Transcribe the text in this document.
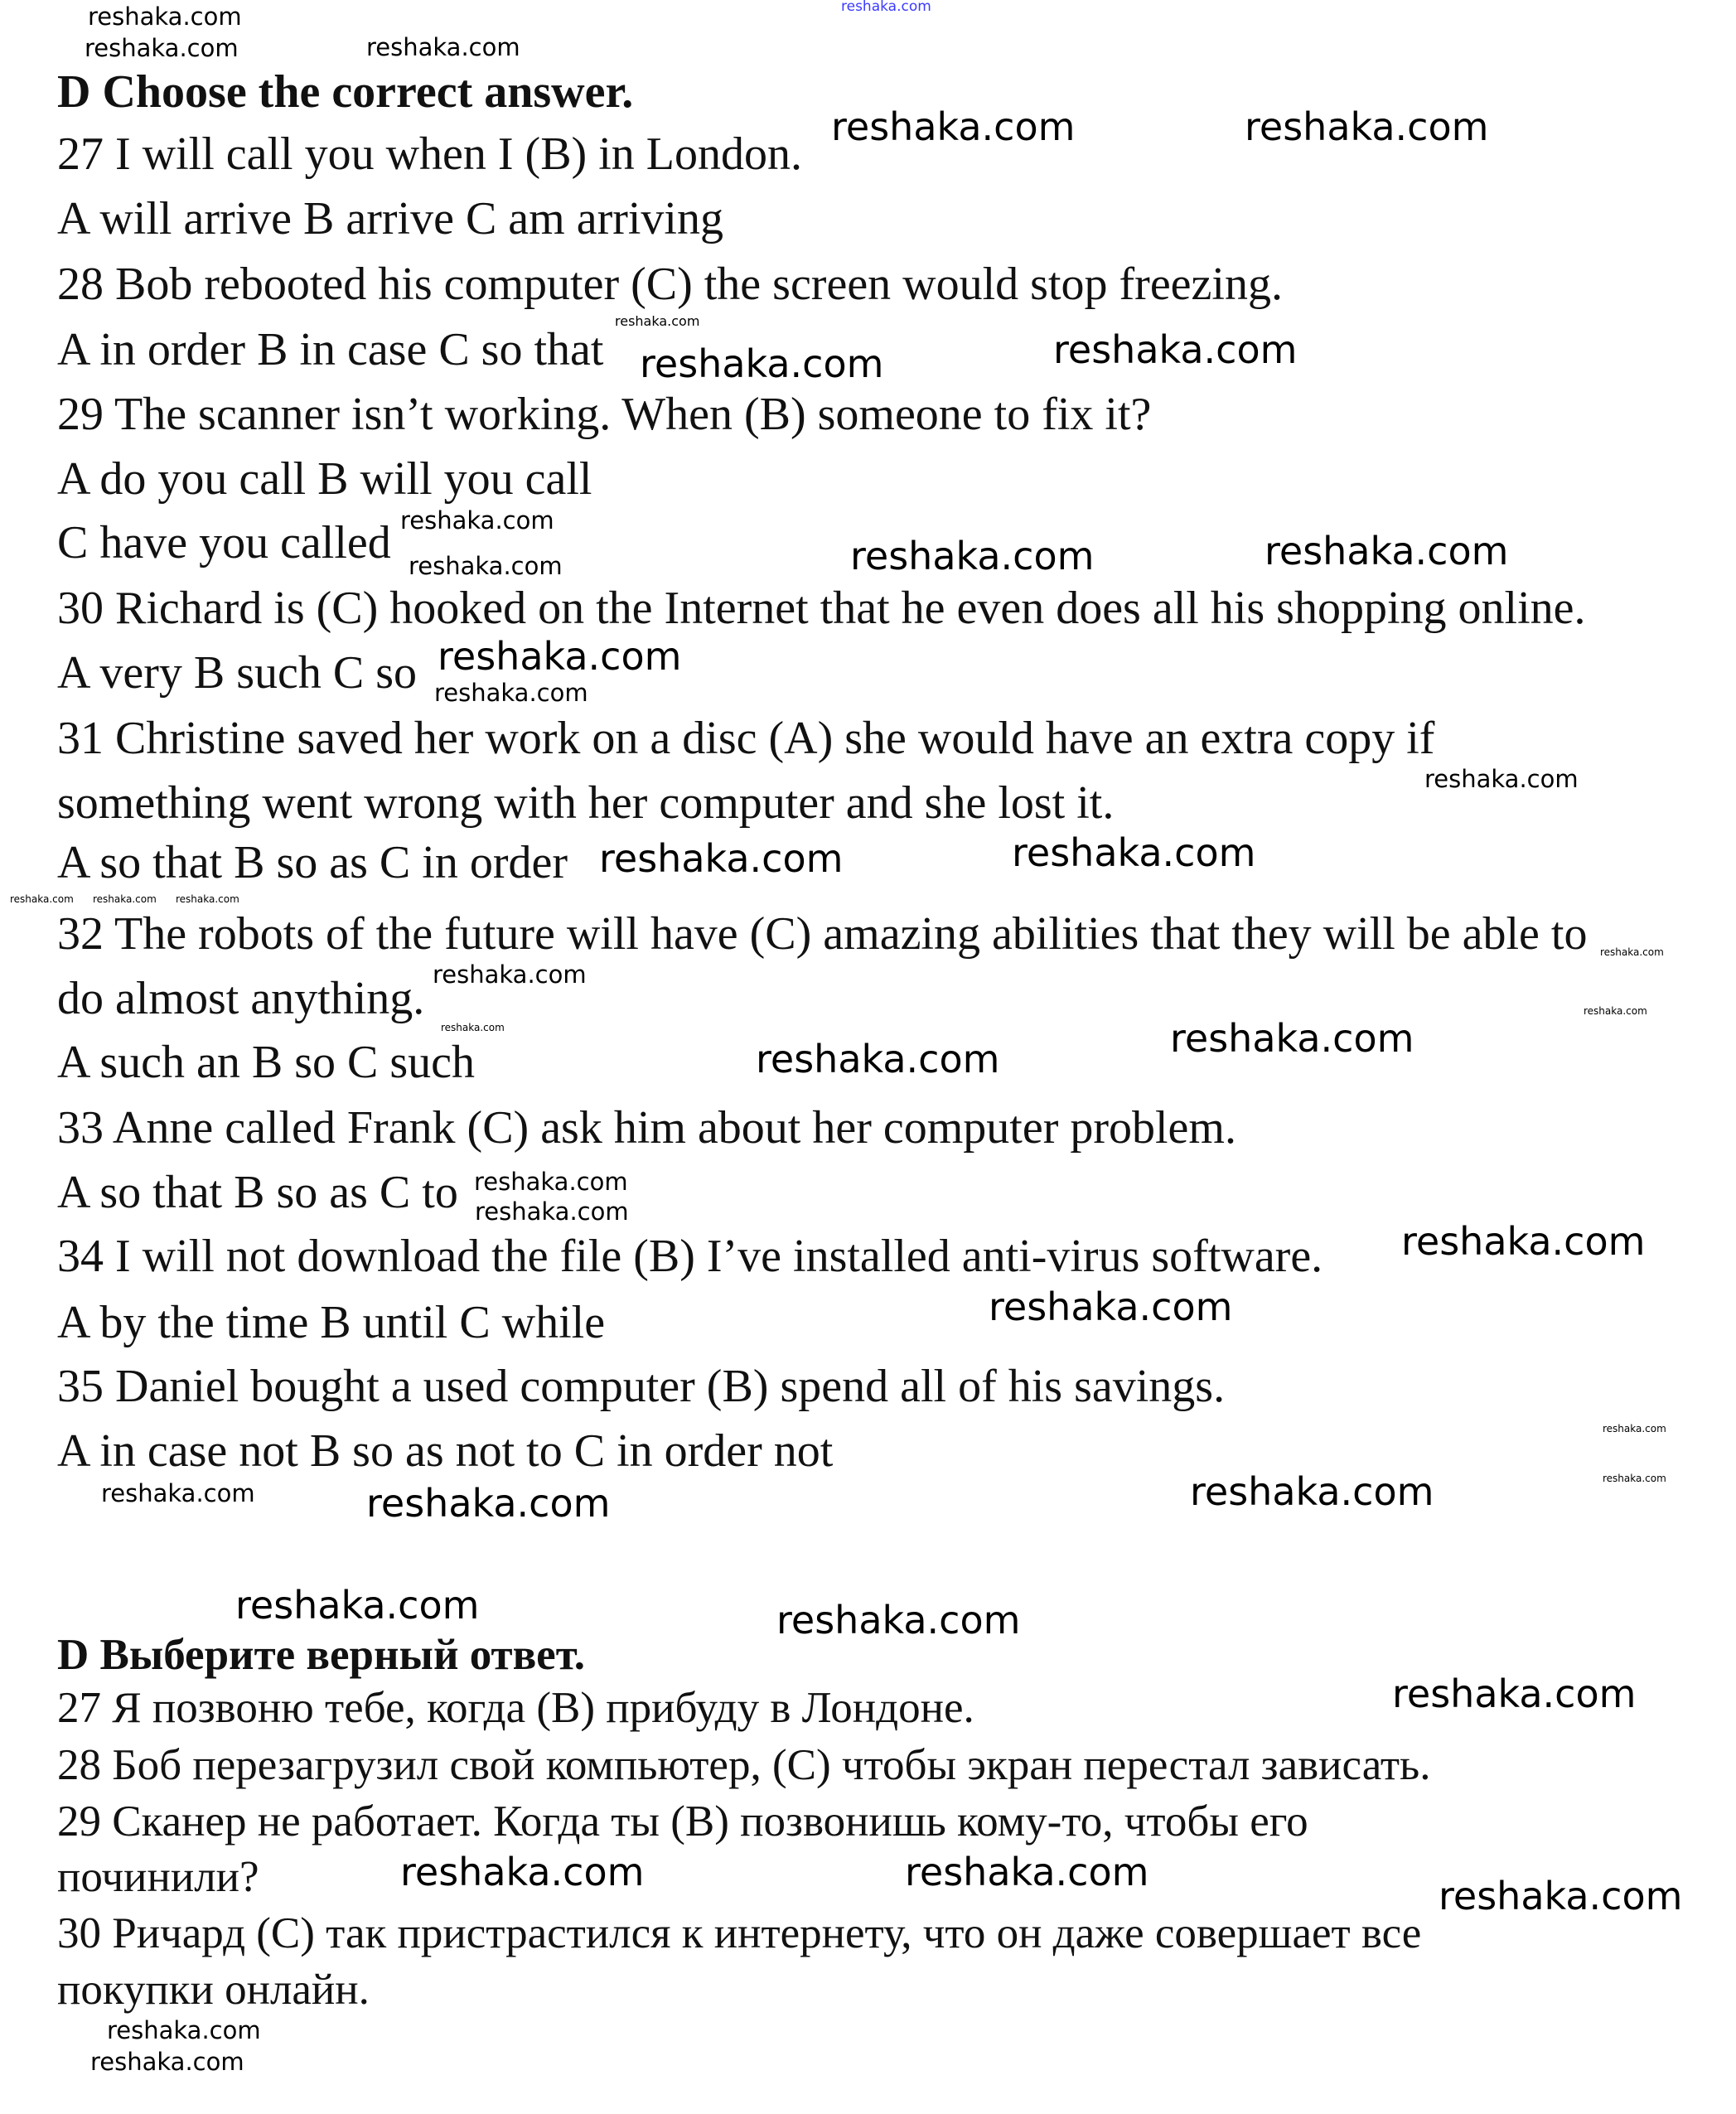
D Choose the correct answer.
27 I will call you when I (B) in London.
A will arrive B arrive C am arriving
28 Bob rebooted his computer (C) the screen would stop freezing.
A in order B in case C so that
29 The scanner isn’t working. When (B) someone to fix it?
A do you call B will you call
C have you called
30 Richard is (C) hooked on the Internet that he even does all his shopping online.
A very B such C so
31 Christine saved her work on a disc (A) she would have an extra copy if
something went wrong with her computer and she lost it.
A so that B so as C in order
32 The robots of the future will have (C) amazing abilities that they will be able to
do almost anything.
A such an B so C such
33 Anne called Frank (C) ask him about her computer problem.
A so that B so as C to
34 I will not download the file (B) I’ve installed anti-virus software.
A by the time B until C while
35 Daniel bought a used computer (B) spend all of his savings.
A in case not B so as not to C in order not
D Выберите верный ответ.
27 Я позвоню тебе, когда (B) прибуду в Лондоне.
28 Боб перезагрузил свой компьютер, (C) чтобы экран перестал зависать.
29 Сканер не работает. Когда ты (B) позвонишь кому-то, чтобы его
починили?
30 Ричард (C) так пристрастился к интернету, что он даже совершает все
покупки онлайн.
reshaka.com
reshaka.com	reshaka.com
reshaka.com	reshaka.com
reshaka.com	reshaka.com
reshaka.com
reshaka.com
reshaka.com
reshaka.com	reshaka.com
reshaka.com
reshaka.com
reshaka.com	reshaka.com
reshaka.com	reshaka.com
reshaka.com
reshaka.com	reshaka.com
reshaka.com
reshaka.com	reshaka.com
reshaka.com
reshaka.com
reshaka.com
reshaka.com
reshaka.com
reshaka.com
reshaka.com
reshaka.com
reshaka.com
reshaka.com
reshaka.com
reshaka.com
reshaka.com
reshaka.com
reshaka.com
reshaka.com
reshaka.com
reshaka.com
reshaka.com
reshaka.com
